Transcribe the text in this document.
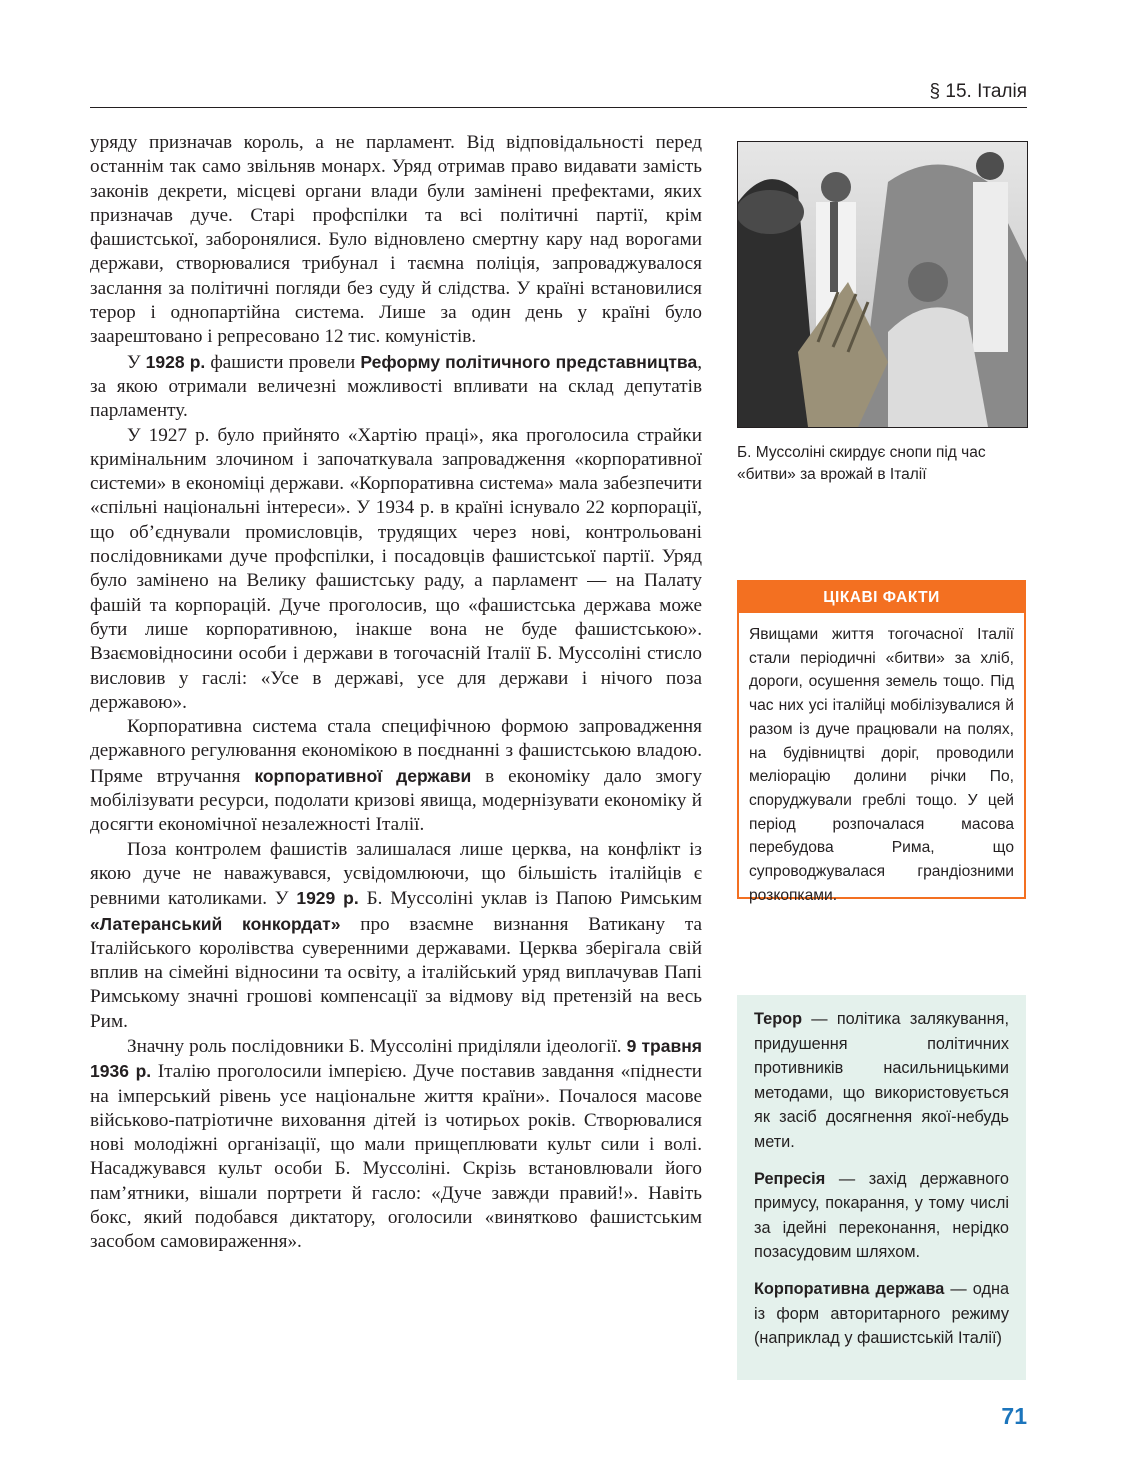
§ 15. Італія

уряду призначав король, а не парламент. Від відповідальності перед останнім так само звільняв монарх. Уряд отримав право видавати замість законів декрети, місцеві органи влади були замінені префектами, яких призначав дуче. Старі профспілки та всі політичні партії, крім фашистської, заборонялися. Було відновлено смертну кару над ворогами держави, створювалися трибунал і таємна поліція, запроваджувалося заслання за політичні погляди без суду й слідства. У країні встановилися терор і однопартійна система. Лише за один день у країні було заарештовано і репресовано 12 тис. комуністів.

У 1928 р. фашисти провели Реформу політичного представництва, за якою отримали величезні можливості впливати на склад депутатів парламенту.

У 1927 р. було прийнято «Хартію праці», яка проголосила страйки кримінальним злочином і започаткувала запровадження «корпоративної системи» в економіці держави. «Корпоративна система» мала забезпечити «спільні національні інтереси». У 1934 р. в країні існувало 22 корпорації, що об’єднували промисловців, трудящих через нові, контрольовані послідовниками дуче профспілки, і посадовців фашистської партії. Уряд було замінено на Велику фашистську раду, а парламент — на Палату фашій та корпорацій. Дуче проголосив, що «фашистська держава може бути лише корпоративною, інакше вона не буде фашистською». Взаємовідносини особи і держави в тогочасній Італії Б. Муссоліні стисло висловив у гаслі: «Усе в державі, усе для держави і нічого поза державою».

Корпоративна система стала специфічною формою запровадження державного регулювання економікою в поєднанні з фашистською владою. Пряме втручання корпоративної держави в економіку дало змогу мобілізувати ресурси, подолати кризові явища, модернізувати економіку й досягти економічної незалежності Італії.

Поза контролем фашистів залишалася лише церква, на конфлікт із якою дуче не наважувався, усвідомлюючи, що більшість італійців є ревними католиками. У 1929 р. Б. Муссоліні уклав із Папою Римським «Латеранський конкордат» про взаємне визнання Ватикану та Італійського королівства суверенними державами. Церква зберігала свій вплив на сімейні відносини та освіту, а італійський уряд виплачував Папі Римському значні грошові компенсації за відмову від претензій на весь Рим.

Значну роль послідовники Б. Муссоліні приділяли ідеології. 9 травня 1936 р. Італію проголосили імперією. Дуче поставив завдання «піднести на імперський рівень усе національне життя країни». Почалося масове військово-патріотичне виховання дітей із чотирьох років. Створювалися нові молодіжні організації, що мали прищеплювати культ сили і волі. Насаджувався культ особи Б. Муссоліні. Скрізь встановлювали його пам’ятники, вішали портрети й гасло: «Дуче завжди правий!». Навіть бокс, який подобався диктатору, оголосили «винятково фашистським засобом самовираження».

Б. Муссоліні скирдує снопи під час «битви» за врожай в Італії
ЦІКАВІ ФАКТИ
Явищами життя тогочасної Італії стали періодичні «битви» за хліб, дороги, осушення земель тощо. Під час них усі італійці мобілізувалися й разом із дуче працювали на полях, на будівництві доріг, проводили меліорацію долини річки По, споруджували греблі тощо. У цей період розпочалася масова перебудова Рима, що супроводжувалася грандіозними розкопками.

Терор — політика залякування, придушення політичних противників насильницькими методами, що використовується як засіб досягнення якої-небудь мети.

Репресія — захід державного примусу, покарання, у тому числі за ідейні переконання, нерідко позасудовим шляхом.

Корпоративна держава — одна із форм авторитарного режиму (наприклад у фашистській Італії)

71
